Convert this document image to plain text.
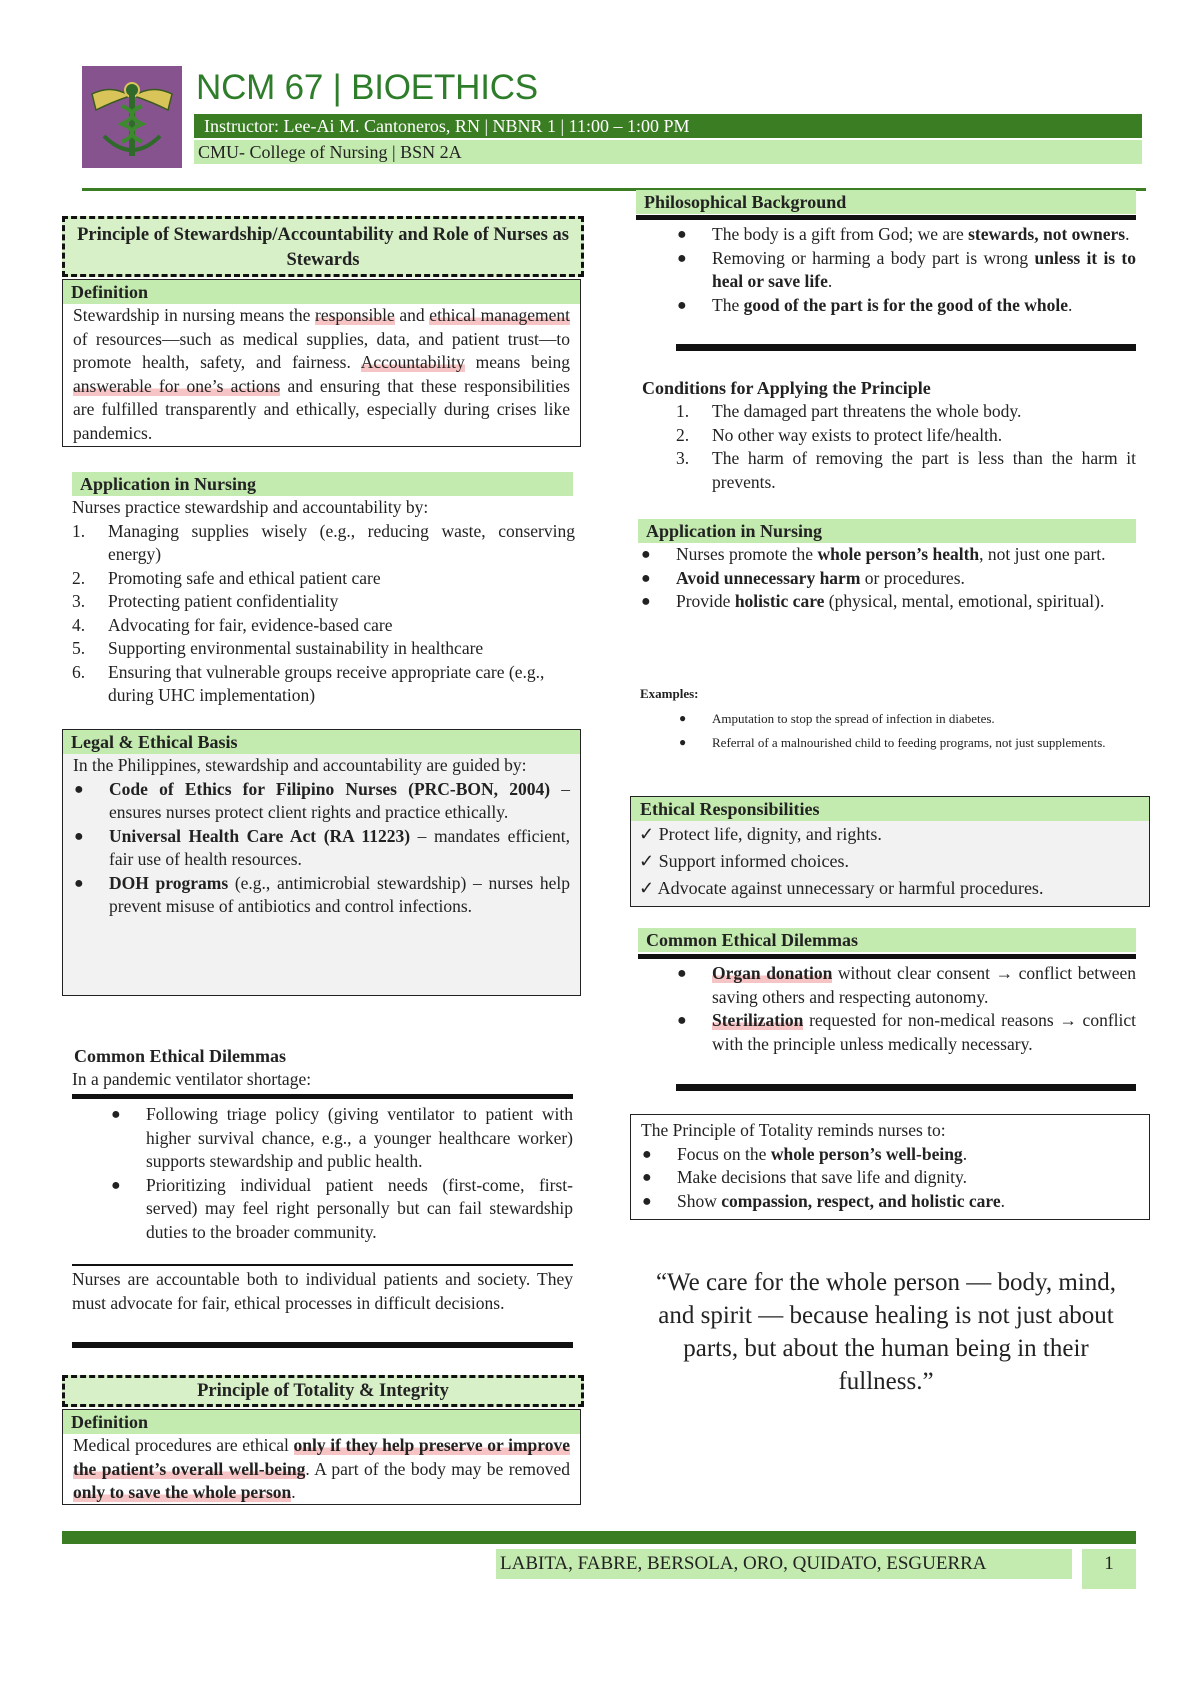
NCM 67 | BIOETHICS
Instructor: Lee-Ai M. Cantoneros, RN | NBNR 1 | 11:00 – 1:00 PM
CMU- College of Nursing | BSN 2A
Principle of Stewardship/Accountability and Role of Nurses as Stewards
Definition

Stewardship in nursing means the responsible and ethical management of resources—such as medical supplies, data, and patient trust—to promote health, safety, and fairness. Accountability means being answerable for one’s actions and ensuring that these responsibilities are fulfilled transparently and ethically, especially during crises like pandemics.

Application in Nursing

Nurses practice stewardship and accountability by:

1.	Managing supplies wisely (e.g., reducing waste, conserving energy)
2.	Promoting safe and ethical patient care
3.	Protecting patient confidentiality
4.	Advocating for fair, evidence-based care
5.	Supporting environmental sustainability in healthcare
6.	Ensuring that vulnerable groups receive appropriate care (e.g., during UHC implementation)
Legal & Ethical Basis

In the Philippines, stewardship and accountability are guided by:

● Code of Ethics for Filipino Nurses (PRC-BON, 2004) – ensures nurses protect client rights and practice ethically.
● Universal Health Care Act (RA 11223) – mandates efficient, fair use of health resources.
● DOH programs (e.g., antimicrobial stewardship) – nurses help prevent misuse of antibiotics and control infections.
Common Ethical Dilemmas

In a pandemic ventilator shortage:

● Following triage policy (giving ventilator to patient with higher survival chance, e.g., a younger healthcare worker) supports stewardship and public health.
● Prioritizing individual patient needs (first-come, first-served) may feel right personally but can fail stewardship duties to the broader community.

Nurses are accountable both to individual patients and society. They must advocate for fair, ethical processes in difficult decisions.

Principle of Totality & Integrity
Definition

Medical procedures are ethical only if they help preserve or improve the patient’s overall well-being. A part of the body may be removed only to save the whole person.

Philosophical Background
● The body is a gift from God; we are stewards, not owners.
● Removing or harming a body part is wrong unless it is to heal or save life.
● The good of the part is for the good of the whole.
Conditions for Applying the Principle
1.	The damaged part threatens the whole body.
2.	No other way exists to protect life/health.
3.	The harm of removing the part is less than the harm it prevents.
Application in Nursing
● Nurses promote the whole person’s health, not just one part.
● Avoid unnecessary harm or procedures.
● Provide holistic care (physical, mental, emotional, spiritual).
Examples:
● Amputation to stop the spread of infection in diabetes.
● Referral of a malnourished child to feeding programs, not just supplements.
Ethical Responsibilities
✓ Protect life, dignity, and rights.
✓ Support informed choices.
✓ Advocate against unnecessary or harmful procedures.
Common Ethical Dilemmas
● Organ donation without clear consent → conflict between saving others and respecting autonomy.
● Sterilization requested for non-medical reasons → conflict with the principle unless medically necessary.

The Principle of Totality reminds nurses to:

● Focus on the whole person’s well-being.
● Make decisions that save life and dignity.
● Show compassion, respect, and holistic care.

“We care for the whole person — body, mind, and spirit — because healing is not just about parts, but about the human being in their fullness.”

LABITA, FABRE, BERSOLA, ORO, QUIDATO, ESGUERRA	1
